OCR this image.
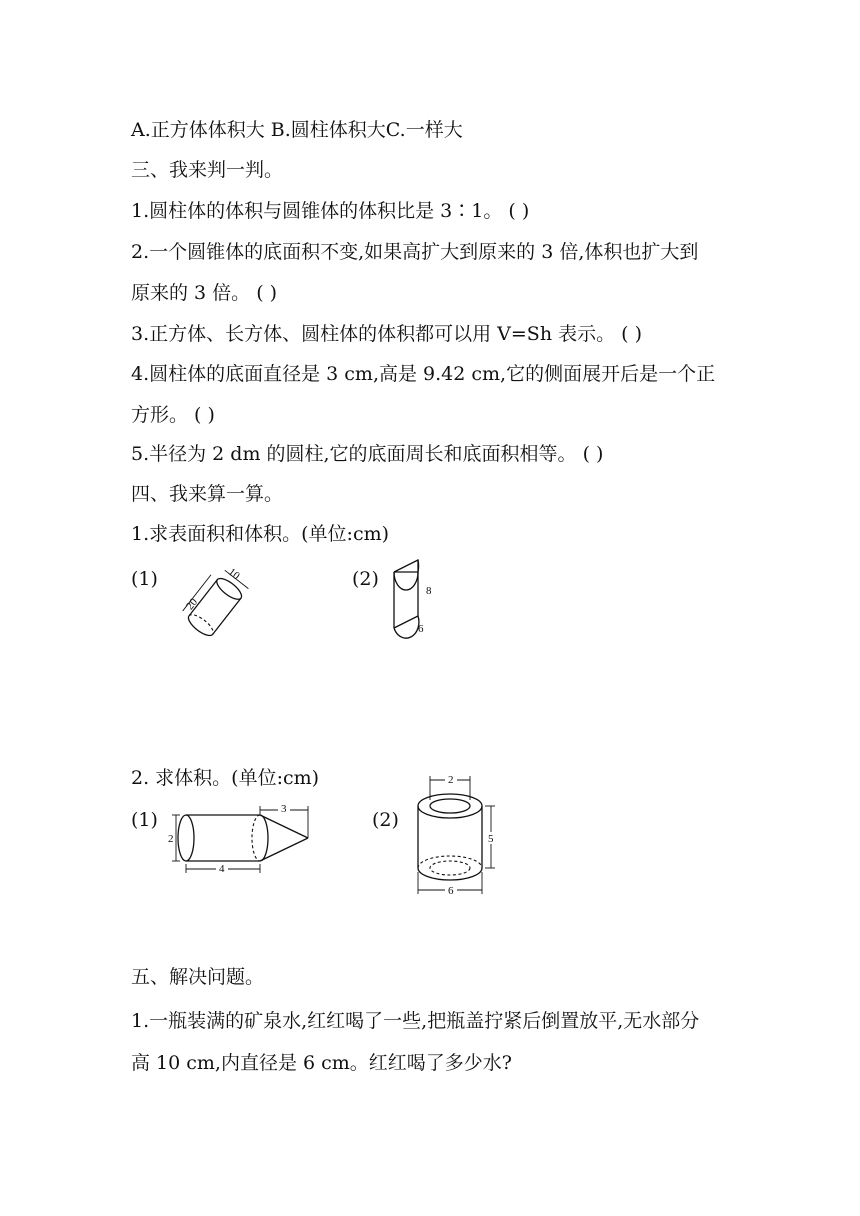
A.正方体体积大 B.圆柱体积大C.一样大
三、我来判一判。
1.圆柱体的体积与圆锥体的体积比是 3∶1。 ( )
2.一个圆锥体的底面积不变,如果高扩大到原来的 3 倍,体积也扩大到
原来的 3 倍。 ( )
3.正方体、长方体、圆柱体的体积都可以用 V=Sh 表示。 ( )
4.圆柱体的底面直径是 3 cm,高是 9.42 cm,它的侧面展开后是一个正
方形。 ( )
5.半径为 2 dm 的圆柱,它的底面周长和底面积相等。 ( )
四、我来算一算。
1.求表面积和体积。(单位:cm)
2. 求体积。(单位:cm)
五、解决问题。
1.一瓶装满的矿泉水,红红喝了一些,把瓶盖拧紧后倒置放平,无水部分
高 10 cm,内直径是 6 cm。红红喝了多少水?
(1)	(2)
(1)	(2)
20
10
8
6
2
4
3
2
5
6
